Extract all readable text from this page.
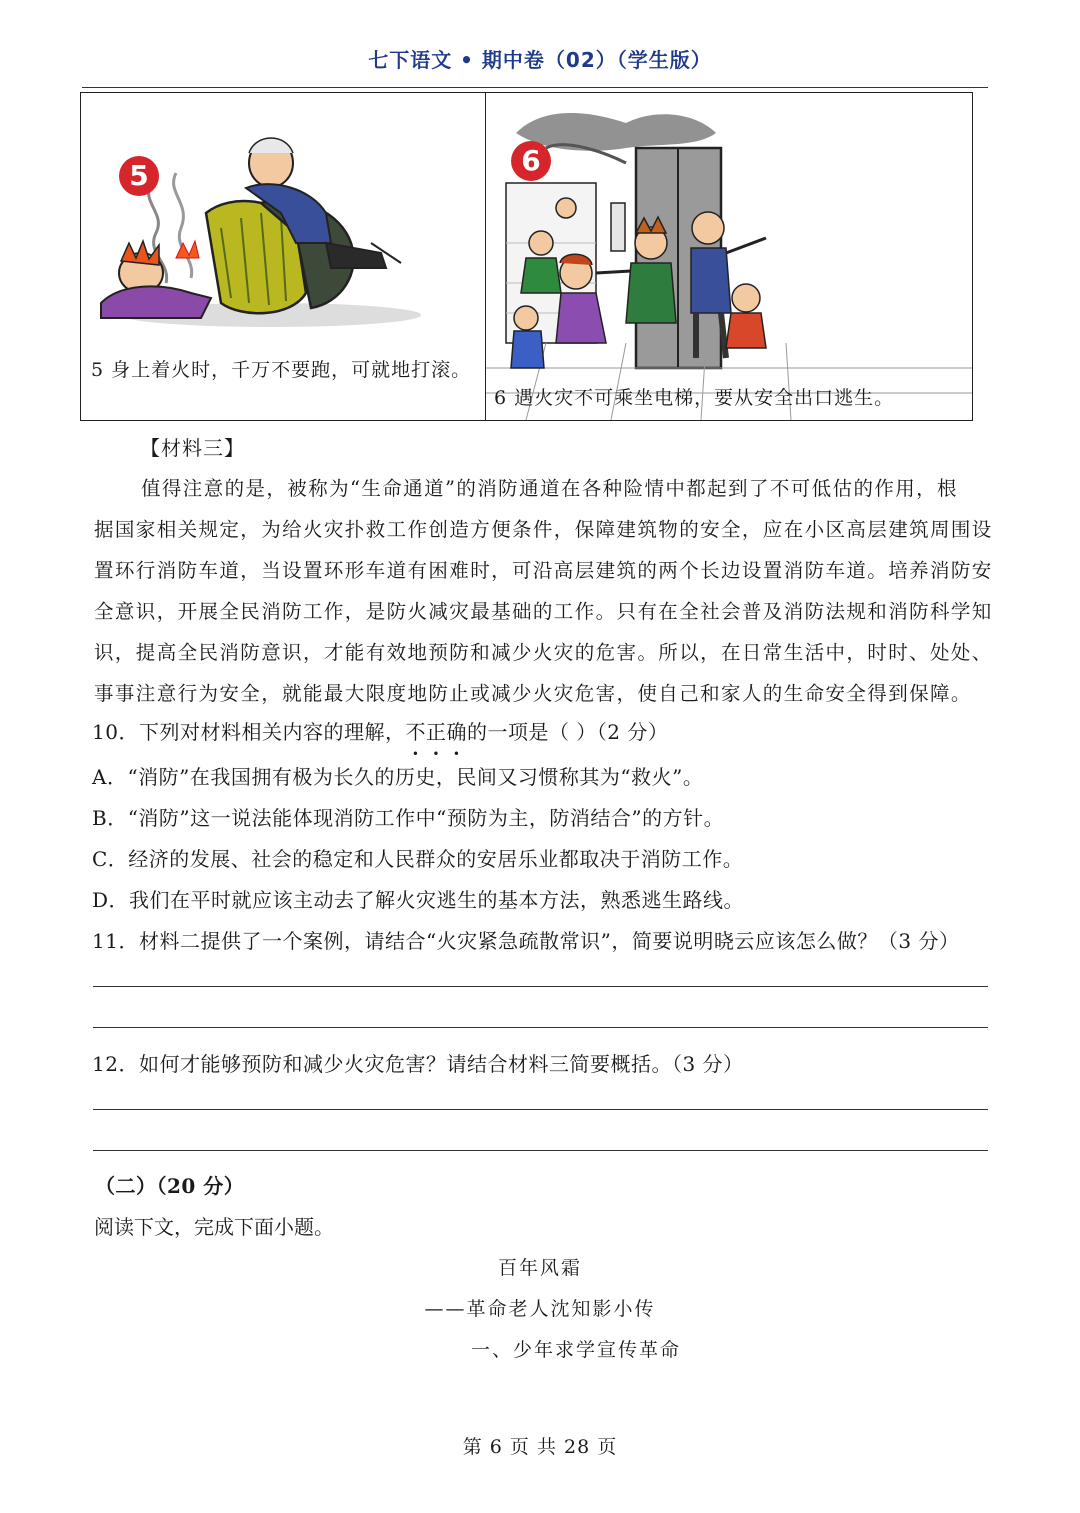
七下语文 • 期中卷（02）（学生版）
5
5 身上着火时，千万不要跑，可就地打滚。
6
6 遇火灾不可乘坐电梯，要从安全出口逃生。
【材料三】
值得注意的是，被称为“生命通道”的消防通道在各种险情中都起到了不可低估的作用，根
据国家相关规定，为给火灾扑救工作创造方便条件，保障建筑物的安全，应在小区高层建筑周围设
置环行消防车道，当设置环形车道有困难时，可沿高层建筑的两个长边设置消防车道。培养消防安
全意识，开展全民消防工作，是防火减灾最基础的工作。只有在全社会普及消防法规和消防科学知
识，提高全民消防意识，才能有效地预防和减少火灾的危害。所以，在日常生活中，时时、处处、
事事注意行为安全，就能最大限度地防止或减少火灾危害，使自己和家人的生命安全得到保障。
10．下列对材料相关内容的理解，不正确的一项是（ ）（2 分）
A．“消防”在我国拥有极为长久的历史，民间又习惯称其为“救火”。
B．“消防”这一说法能体现消防工作中“预防为主，防消结合”的方针。
C．经济的发展、社会的稳定和人民群众的安居乐业都取决于消防工作。
D．我们在平时就应该主动去了解火灾逃生的基本方法，熟悉逃生路线。
11．材料二提供了一个案例，请结合“火灾紧急疏散常识”，简要说明晓云应该怎么做？（3 分）
12．如何才能够预防和减少火灾危害？请结合材料三简要概括。（3 分）
（二）（20 分）
阅读下文，完成下面小题。
百年风霜
——革命老人沈知影小传
一、少年求学宣传革命
第 6 页 共 28 页
